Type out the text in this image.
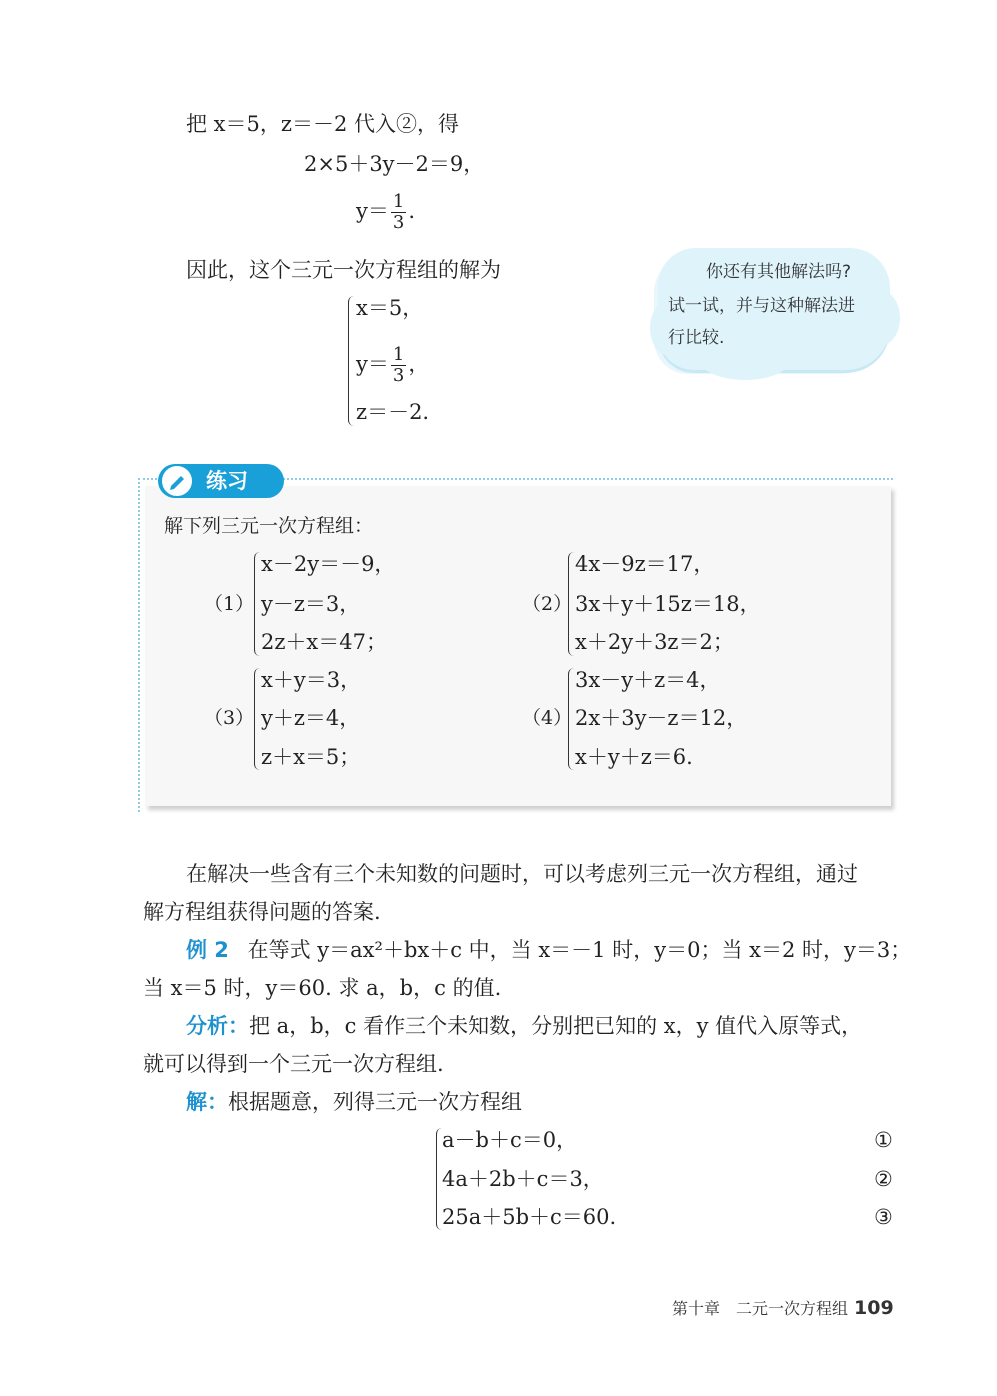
把 x＝5，z＝－2 代入②，得
2×5＋3y－2＝9，
$y= \frac{1}{3}$ .
因此，这个三元一次方程组的解为
x＝5，
$y= \frac{1}{3}$ ，
z＝－2.
你还有其他解法吗?
试一试，并与这种解法进
行比较.
练习
解下列三元一次方程组：
（1）
x－2y＝－9，
y－z＝3，
2z＋x＝47；
（2）
4x－9z＝17，
3x＋y＋15z＝18，
x＋2y＋3z＝2；
（3）
x＋y＝3，
y＋z＝4，
z＋x＝5；
（4）
3x－y＋z＝4，
2x＋3y－z＝12，
x＋y＋z＝6.
在解决一些含有三个未知数的问题时，可以考虑列三元一次方程组，通过
解方程组获得问题的答案.
例 2 在等式 y＝ax²＋bx＋c 中，当 x＝－1 时，y＝0；当 x＝2 时，y＝3；
当 x＝5 时，y＝60. 求 a，b，c 的值.
分析：把 a，b，c 看作三个未知数，分别把已知的 x，y 值代入原等式，
就可以得到一个三元一次方程组.
解：根据题意，列得三元一次方程组
a－b＋c＝0，
4a＋2b＋c＝3，
25a＋5b＋c＝60.
①
②
③
第十章　二元一次方程组 109
